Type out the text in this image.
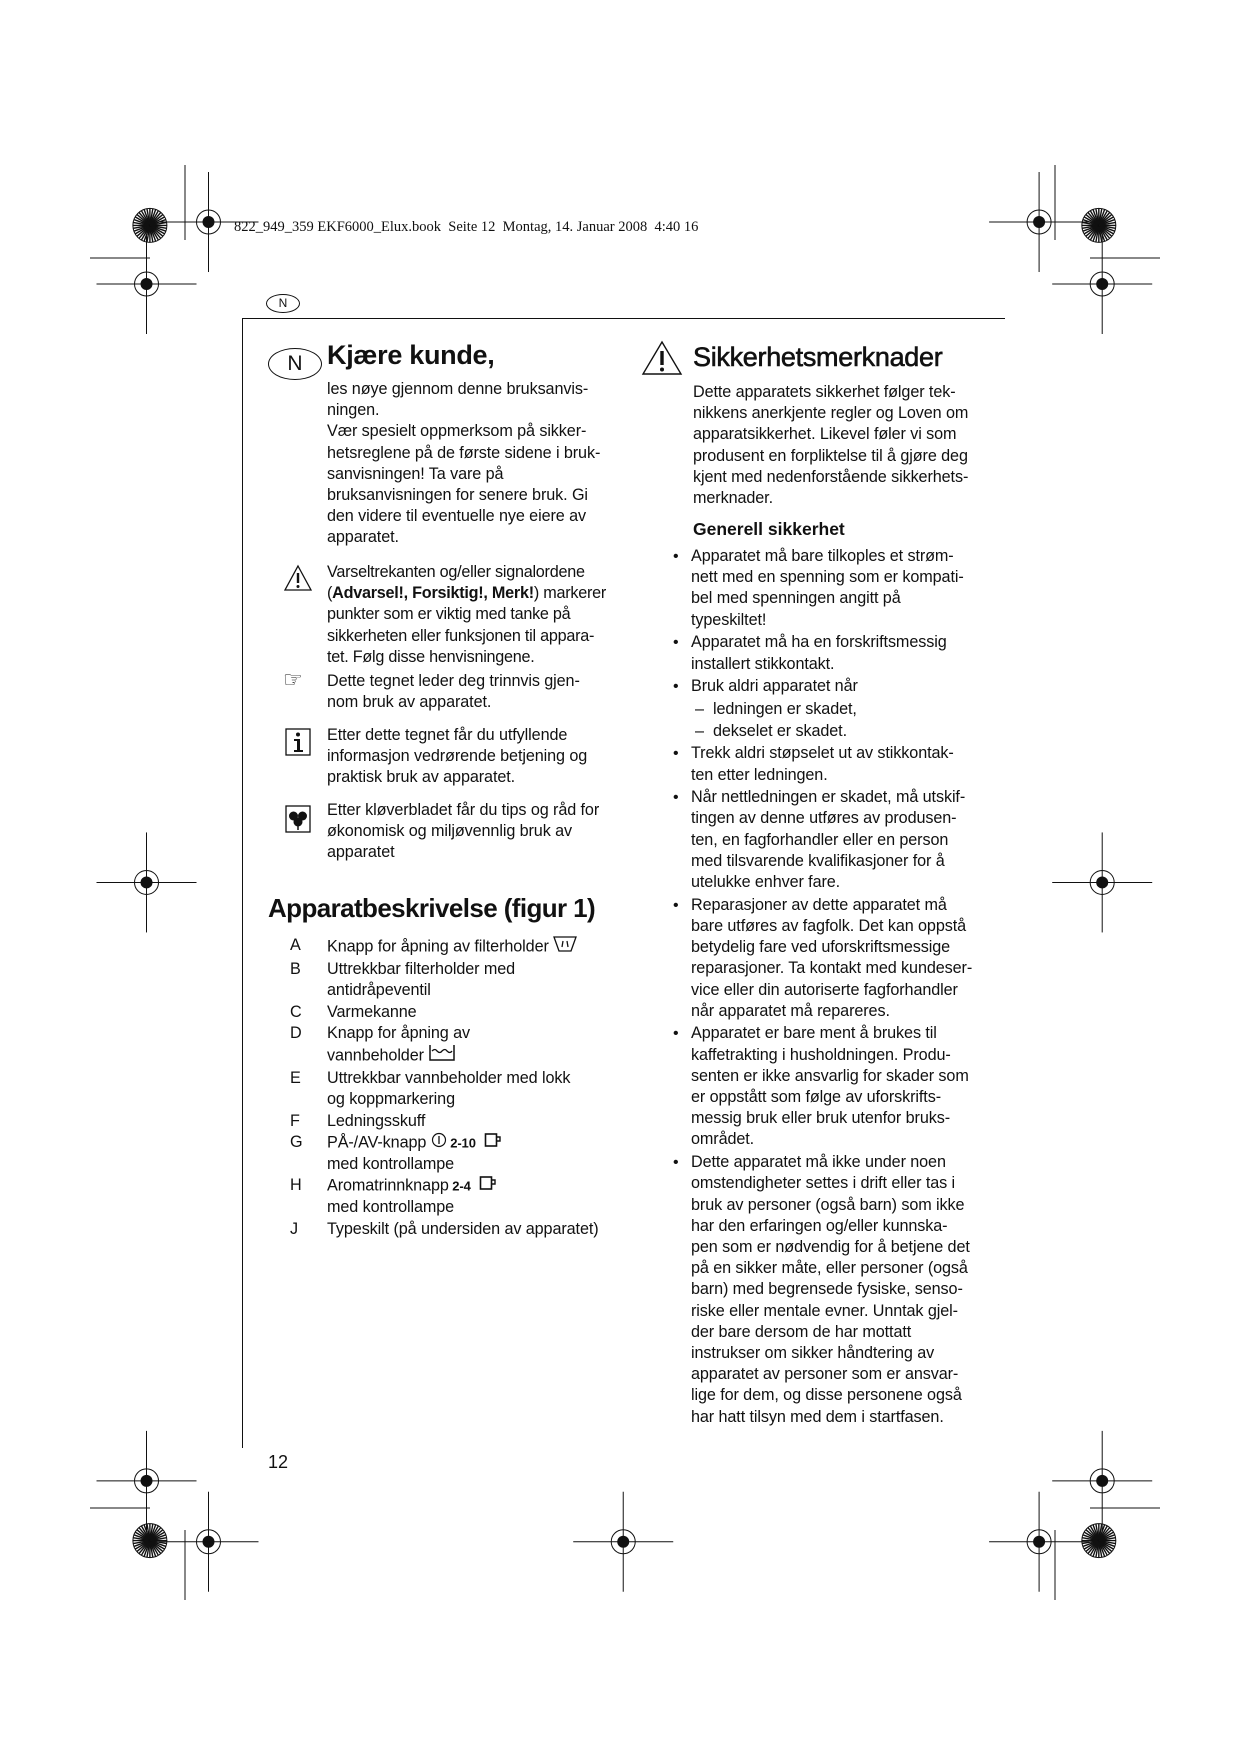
822_949_359 EKF6000_Elux.book  Seite 12  Montag, 14. Januar 2008  4:40 16
N
N Kjære kunde,
les nøye gjennom denne bruksanvis-
ningen.
Vær spesielt oppmerksom på sikker-
hetsreglene på de første sidene i bruk-
sanvisningen! Ta vare på
bruksanvisningen for senere bruk. Gi
den videre til eventuelle nye eiere av
apparatet.
Varseltrekanten og/eller signalordene
(Advarsel!, Forsiktig!, Merk!) markerer
punkter som er viktig med tanke på
sikkerheten eller funksjonen til appara-
tet. Følg disse henvisningene.
☞ Dette tegnet leder deg trinnvis gjen-
nom bruk av apparatet.
Etter dette tegnet får du utfyllende
informasjon vedrørende betjening og
praktisk bruk av apparatet.
Etter kløverbladet får du tips og råd for
økonomisk og miljøvennlig bruk av
apparatet
Apparatbeskrivelse (figur 1)
A	Knapp for åpning av filterholder
B	Uttrekkbar filterholder med
antidråpeventil
C	Varmekanne
D	Knapp for åpning av
vannbeholder
E	Uttrekkbar vannbeholder med lokk
og koppmarkering
F	Ledningsskuff
G	PÅ-/AV-knapp  2-10
med kontrollampe
H	Aromatrinnknapp 2-4
med kontrollampe
J	Typeskilt (på undersiden av apparatet)
Sikkerhetsmerknader
Dette apparatets sikkerhet følger tek-
nikkens anerkjente regler og Loven om
apparatsikkerhet. Likevel føler vi som
produsent en forpliktelse til å gjøre deg
kjent med nedenforstående sikkerhets-
merknader.
Generell sikkerhet
• Apparatet må bare tilkoples et strøm-
nett med en spenning som er kompati-
bel med spenningen angitt på
typeskiltet!
• Apparatet må ha en forskriftsmessig
installert stikkontakt.
• Bruk aldri apparatet når
– ledningen er skadet,
– dekselet er skadet.
• Trekk aldri støpselet ut av stikkontak-
ten etter ledningen.
• Når nettledningen er skadet, må utskif-
tingen av denne utføres av produsen-
ten, en fagforhandler eller en person
med tilsvarende kvalifikasjoner for å
utelukke enhver fare.
• Reparasjoner av dette apparatet må
bare utføres av fagfolk. Det kan oppstå
betydelig fare ved uforskriftsmessige
reparasjoner. Ta kontakt med kundeser-
vice eller din autoriserte fagforhandler
når apparatet må repareres.
• Apparatet er bare ment å brukes til
kaffetrakting i husholdningen. Produ-
senten er ikke ansvarlig for skader som
er oppstått som følge av uforskrifts-
messig bruk eller bruk utenfor bruks-
området.
• Dette apparatet må ikke under noen
omstendigheter settes i drift eller tas i
bruk av personer (også barn) som ikke
har den erfaringen og/eller kunnska-
pen som er nødvendig for å betjene det
på en sikker måte, eller personer (også
barn) med begrensede fysiske, senso-
riske eller mentale evner. Unntak gjel-
der bare dersom de har mottatt
instrukser om sikker håndtering av
apparatet av personer som er ansvar-
lige for dem, og disse personene også
har hatt tilsyn med dem i startfasen.
12
